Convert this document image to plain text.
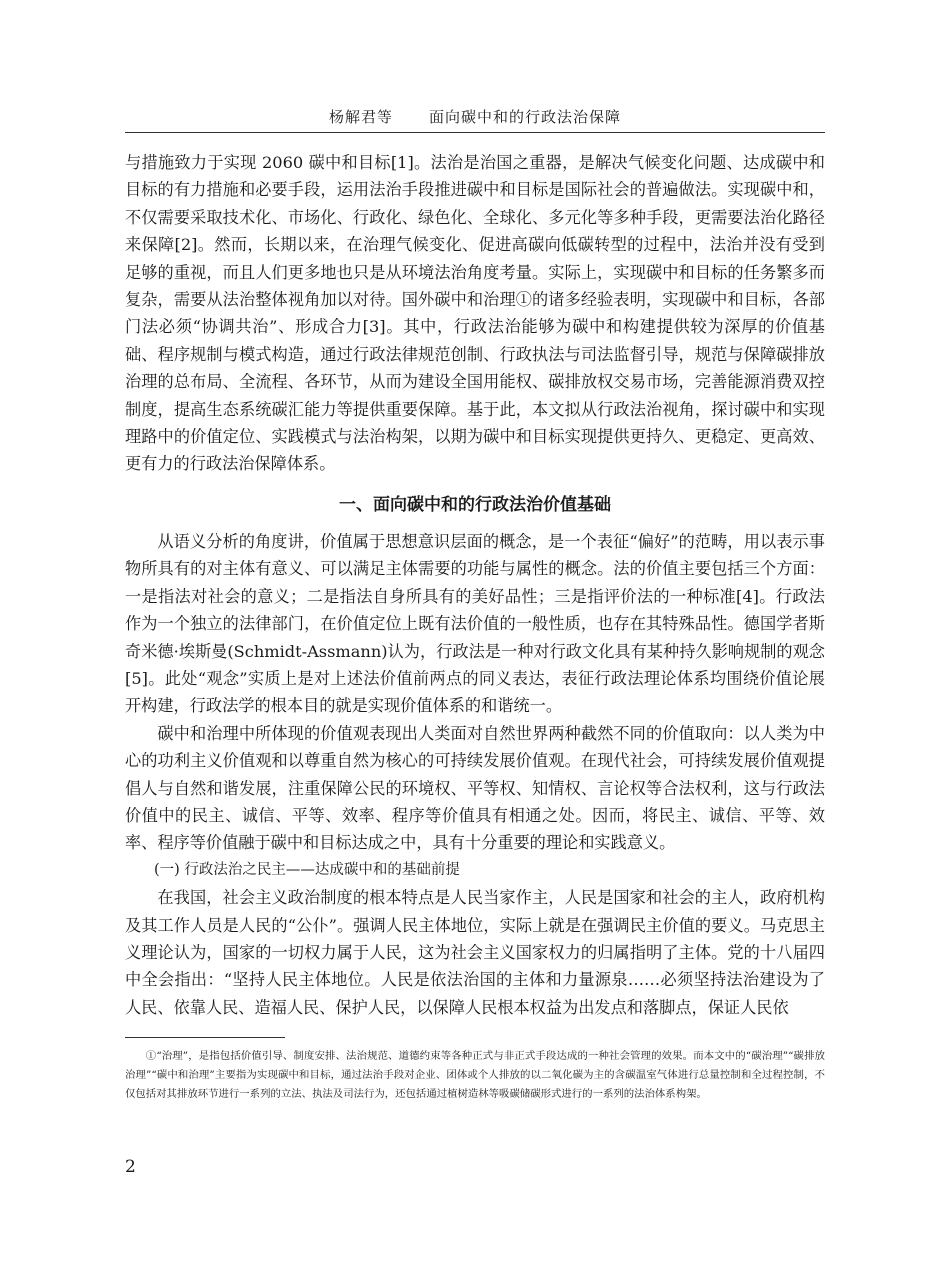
杨解君等 面向碳中和的行政法治保障

与措施致力于实现 2060 碳中和目标[1]。法治是治国之重器，是解决气候变化问题、达成碳中和目标的有力措施和必要手段，运用法治手段推进碳中和目标是国际社会的普遍做法。实现碳中和，不仅需要采取技术化、市场化、行政化、绿色化、全球化、多元化等多种手段，更需要法治化路径来保障[2]。然而，长期以来，在治理气候变化、促进高碳向低碳转型的过程中，法治并没有受到足够的重视，而且人们更多地也只是从环境法治角度考量。实际上，实现碳中和目标的任务繁多而复杂，需要从法治整体视角加以对待。国外碳中和治理①的诸多经验表明，实现碳中和目标，各部门法必须“协调共治”、形成合力[3]。其中，行政法治能够为碳中和构建提供较为深厚的价值基础、程序规制与模式构造，通过行政法律规范创制、行政执法与司法监督引导，规范与保障碳排放治理的总布局、全流程、各环节，从而为建设全国用能权、碳排放权交易市场，完善能源消费双控制度，提高生态系统碳汇能力等提供重要保障。基于此，本文拟从行政法治视角，探讨碳中和实现理路中的价值定位、实践模式与法治构架，以期为碳中和目标实现提供更持久、更稳定、更高效、更有力的行政法治保障体系。

一、面向碳中和的行政法治价值基础

从语义分析的角度讲，价值属于思想意识层面的概念，是一个表征“偏好”的范畴，用以表示事物所具有的对主体有意义、可以满足主体需要的功能与属性的概念。法的价值主要包括三个方面：一是指法对社会的意义；二是指法自身所具有的美好品性；三是指评价法的一种标准[4]。行政法作为一个独立的法律部门，在价值定位上既有法价值的一般性质，也存在其特殊品性。德国学者斯奇米德·埃斯曼(Schmidt-Assmann)认为，行政法是一种对行政文化具有某种持久影响规制的观念[5]。此处“观念”实质上是对上述法价值前两点的同义表达，表征行政法理论体系均围绕价值论展开构建，行政法学的根本目的就是实现价值体系的和谐统一。

碳中和治理中所体现的价值观表现出人类面对自然世界两种截然不同的价值取向：以人类为中心的功利主义价值观和以尊重自然为核心的可持续发展价值观。在现代社会，可持续发展价值观提倡人与自然和谐发展，注重保障公民的环境权、平等权、知情权、言论权等合法权利，这与行政法价值中的民主、诚信、平等、效率、程序等价值具有相通之处。因而，将民主、诚信、平等、效率、程序等价值融于碳中和目标达成之中，具有十分重要的理论和实践意义。

(一) 行政法治之民主——达成碳中和的基础前提

在我国，社会主义政治制度的根本特点是人民当家作主，人民是国家和社会的主人，政府机构及其工作人员是人民的“公仆”。强调人民主体地位，实际上就是在强调民主价值的要义。马克思主义理论认为，国家的一切权力属于人民，这为社会主义国家权力的归属指明了主体。党的十八届四中全会指出：“坚持人民主体地位。人民是依法治国的主体和力量源泉……必须坚持法治建设为了人民、依靠人民、造福人民、保护人民，以保障人民根本权益为出发点和落脚点，保证人民依

①“治理”，是指包括价值引导、制度安排、法治规范、道德约束等各种正式与非正式手段达成的一种社会管理的效果。而本文中的“碳治理”“碳排放治理”“碳中和治理”主要指为实现碳中和目标，通过法治手段对企业、团体或个人排放的以二氧化碳为主的含碳温室气体进行总量控制和全过程控制，不仅包括对其排放环节进行一系列的立法、执法及司法行为，还包括通过植树造林等吸碳储碳形式进行的一系列的法治体系构架。

2
